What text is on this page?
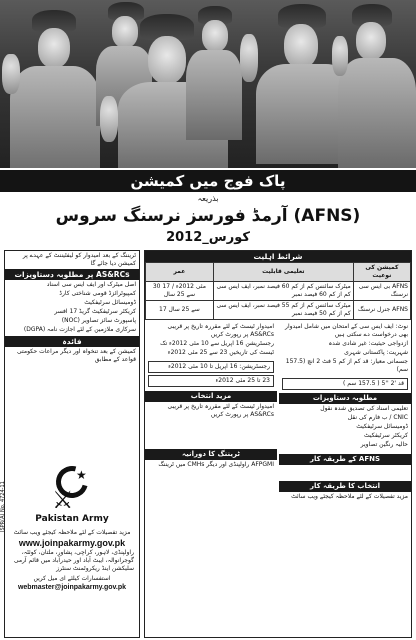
پاک فوج میں کمیشن
بذریعہ
آرمڈ فورسز نرسنگ سروس (AFNS)
کورس_2012
شرائط اہلیت
عمر	تعلیمی قابلیت	کمیشن کی نوعیت
30 مئی 2012ء / 17 سے 25 سال	میٹرک سائنس کم از کم 60 فیصد نمبر، ایف ایس سی کم از کم 60 فیصد نمبر	AFNS بی ایس سی نرسنگ
17 سے 25 سال	میٹرک سائنس کم از کم 55 فیصد نمبر، ایف ایس سی کم از کم 50 فیصد نمبر	AFNS جنرل نرسنگ

امیدوار ٹیسٹ کے لئے مقررہ تاریخ پر قریبی AS&RCs پر رپورٹ کریں

رجسٹریشن 16 اپریل سے 10 مئی 2012ء تک

ٹیسٹ کی تاریخیں 23 سے 25 مئی 2012ء

رجسٹریشن: 16 اپریل تا 10 مئی 2012ء
23 تا 25 مئی 2012ء
مزید انتخاب

امیدوار ٹیسٹ کے لئے مقررہ تاریخ پر قریبی AS&RCs پر رپورٹ کریں

ٹریننگ کا دورانیہ
AFPGMI راولپنڈی اور دیگر CMHs میں ٹریننگ

نوٹ: ایف ایس سی کے امتحان میں شامل امیدوار بھی درخواست دے سکتی ہیں

ازدواجی حیثیت: غیر شادی شدہ

شہریت: پاکستانی شہری

جسمانی معیار: قد کم از کم 5 فٹ 2 انچ (157.5 سم)

قد '2 ''5 ( 157.5 سم )
مطلوبہ دستاویزات

تعلیمی اسناد کی تصدیق شدہ نقول

CNIC / ب فارم کی نقل

ڈومیسائل سرٹیفکیٹ

کریکٹر سرٹیفکیٹ

حالیہ رنگین تصاویر

AFNS کے طریقہ کار
انتخاب کا طریقہ کار

مزید تفصیلات کے لئے ملاحظہ کیجئے ویب سائٹ

ٹریننگ کے بعد امیدوار کو لیفٹیننٹ کے عہدے پر کمیشن دیا جائے گا
AS&RCs پر مطلوبہ دستاویزات

اصل میٹرک اور ایف ایس سی اسناد

کمپیوٹرائزڈ قومی شناختی کارڈ

ڈومیسائل سرٹیفکیٹ

کریکٹر سرٹیفکیٹ گریڈ 17 افسر

پاسپورٹ سائز تصاویر (NOC)

سرکاری ملازمین کے لئے اجازت نامہ (DGPA)

فائدہ
کمیشن کے بعد تنخواہ اور دیگر مراعات حکومتی قواعد کے مطابق
ISPR(A) No. 4724-11
★
⚔
Pakistan Army
مزید تفصیلات کے لئے ملاحظہ کیجئے ویب سائٹ
www.joinpakarmy.gov.pk
راولپنڈی، لاہور، کراچی، پشاور، ملتان، کوئٹہ، گوجرانوالہ، ایبٹ آباد اور حیدرآباد میں قائم آرمی سلیکشن اینڈ ریکروٹمنٹ سنٹرز
استفسارات کیلئے ای میل کریں
webmaster@joinpakarmy.gov.pk
